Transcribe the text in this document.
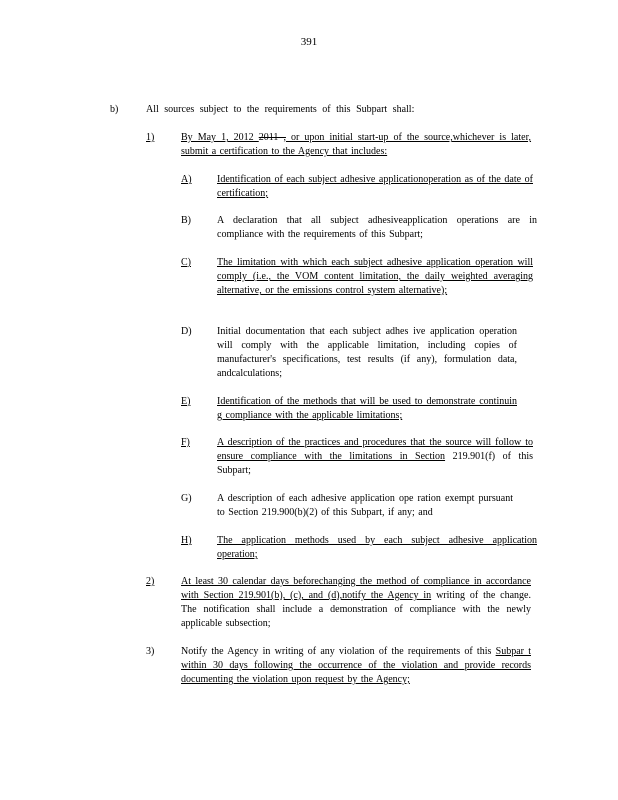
391
b)	All sources subject to the requirements of this Subpart shall:
1)	By May 1, 2012 2011 , or upon initial start-up of the source,whichever is later, submit a certification to the Agency that includes:
A)	Identification of each subject adhesive applicationoperation as of the date of certification;
B)	A declaration that all subject adhesiveapplication operations are in compliance with the requirements of this Subpart;
C)	The limitation with which each subject adhesive application operation will comply (i.e., the VOM content limitation, the daily weighted averaging alternative, or the emissions control system alternative);
D)	Initial documentation that each subject adhes ive application operation will comply with the applicable limitation, including copies of manufacturer's specifications, test results (if any), formulation data, andcalculations;
E)	Identification of the methods that will be used to demonstrate continuin g compliance with the applicable limitations;
F)	A description of the practices and procedures that the source will follow to ensure compliance with the limitations in Section 219.901(f) of this Subpart;
G)	A description of each adhesive application ope ration exempt pursuant to Section 219.900(b)(2) of this Subpart, if any; and
H)	The application methods used by each subject adhesive application operation;
2)	At least 30 calendar days beforechanging the method of compliance in accordance with Section 219.901(b), (c), and (d),notify the Agency in writing of the change. The notification shall include a demonstration of compliance with the newly applicable subsection;
3)	Notify the Agency in writing of any violation of the requirements of this Subpar t within 30 days following the occurrence of the violation and provide records documenting the violation upon request by the Agency;
